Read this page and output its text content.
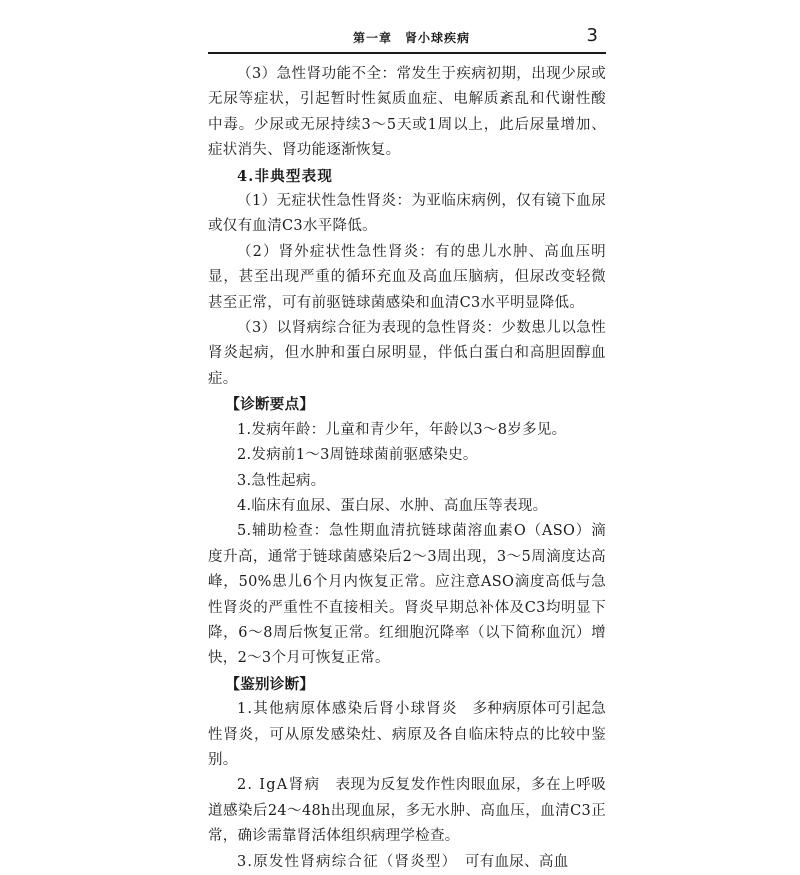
第一章　肾小球疾病	3

（3）急性肾功能不全：常发生于疾病初期，出现少尿或无尿等症状，引起暂时性氮质血症、电解质紊乱和代谢性酸中毒。少尿或无尿持续3～5天或1周以上，此后尿量增加、症状消失、肾功能逐渐恢复。

4.非典型表现

（1）无症状性急性肾炎：为亚临床病例，仅有镜下血尿或仅有血清C3水平降低。

（2）肾外症状性急性肾炎：有的患儿水肿、高血压明显，甚至出现严重的循环充血及高血压脑病，但尿改变轻微甚至正常，可有前驱链球菌感染和血清C3水平明显降低。

（3）以肾病综合征为表现的急性肾炎：少数患儿以急性肾炎起病，但水肿和蛋白尿明显，伴低白蛋白和高胆固醇血症。

【诊断要点】

1.发病年龄：儿童和青少年，年龄以3～8岁多见。

2.发病前1～3周链球菌前驱感染史。

3.急性起病。

4.临床有血尿、蛋白尿、水肿、高血压等表现。

5.辅助检查：急性期血清抗链球菌溶血素O（ASO）滴度升高，通常于链球菌感染后2～3周出现，3～5周滴度达高峰，50%患儿6个月内恢复正常。应注意ASO滴度高低与急性肾炎的严重性不直接相关。肾炎早期总补体及C3均明显下降，6～8周后恢复正常。红细胞沉降率（以下简称血沉）增快，2～3个月可恢复正常。

【鉴别诊断】

1.其他病原体感染后肾小球肾炎　多种病原体可引起急性肾炎，可从原发感染灶、病原及各自临床特点的比较中鉴别。

2. IgA肾病　表现为反复发作性肉眼血尿，多在上呼吸道感染后24～48h出现血尿，多无水肿、高血压，血清C3正常，确诊需靠肾活体组织病理学检查。

3.原发性肾病综合征（肾炎型）　可有血尿、高血
